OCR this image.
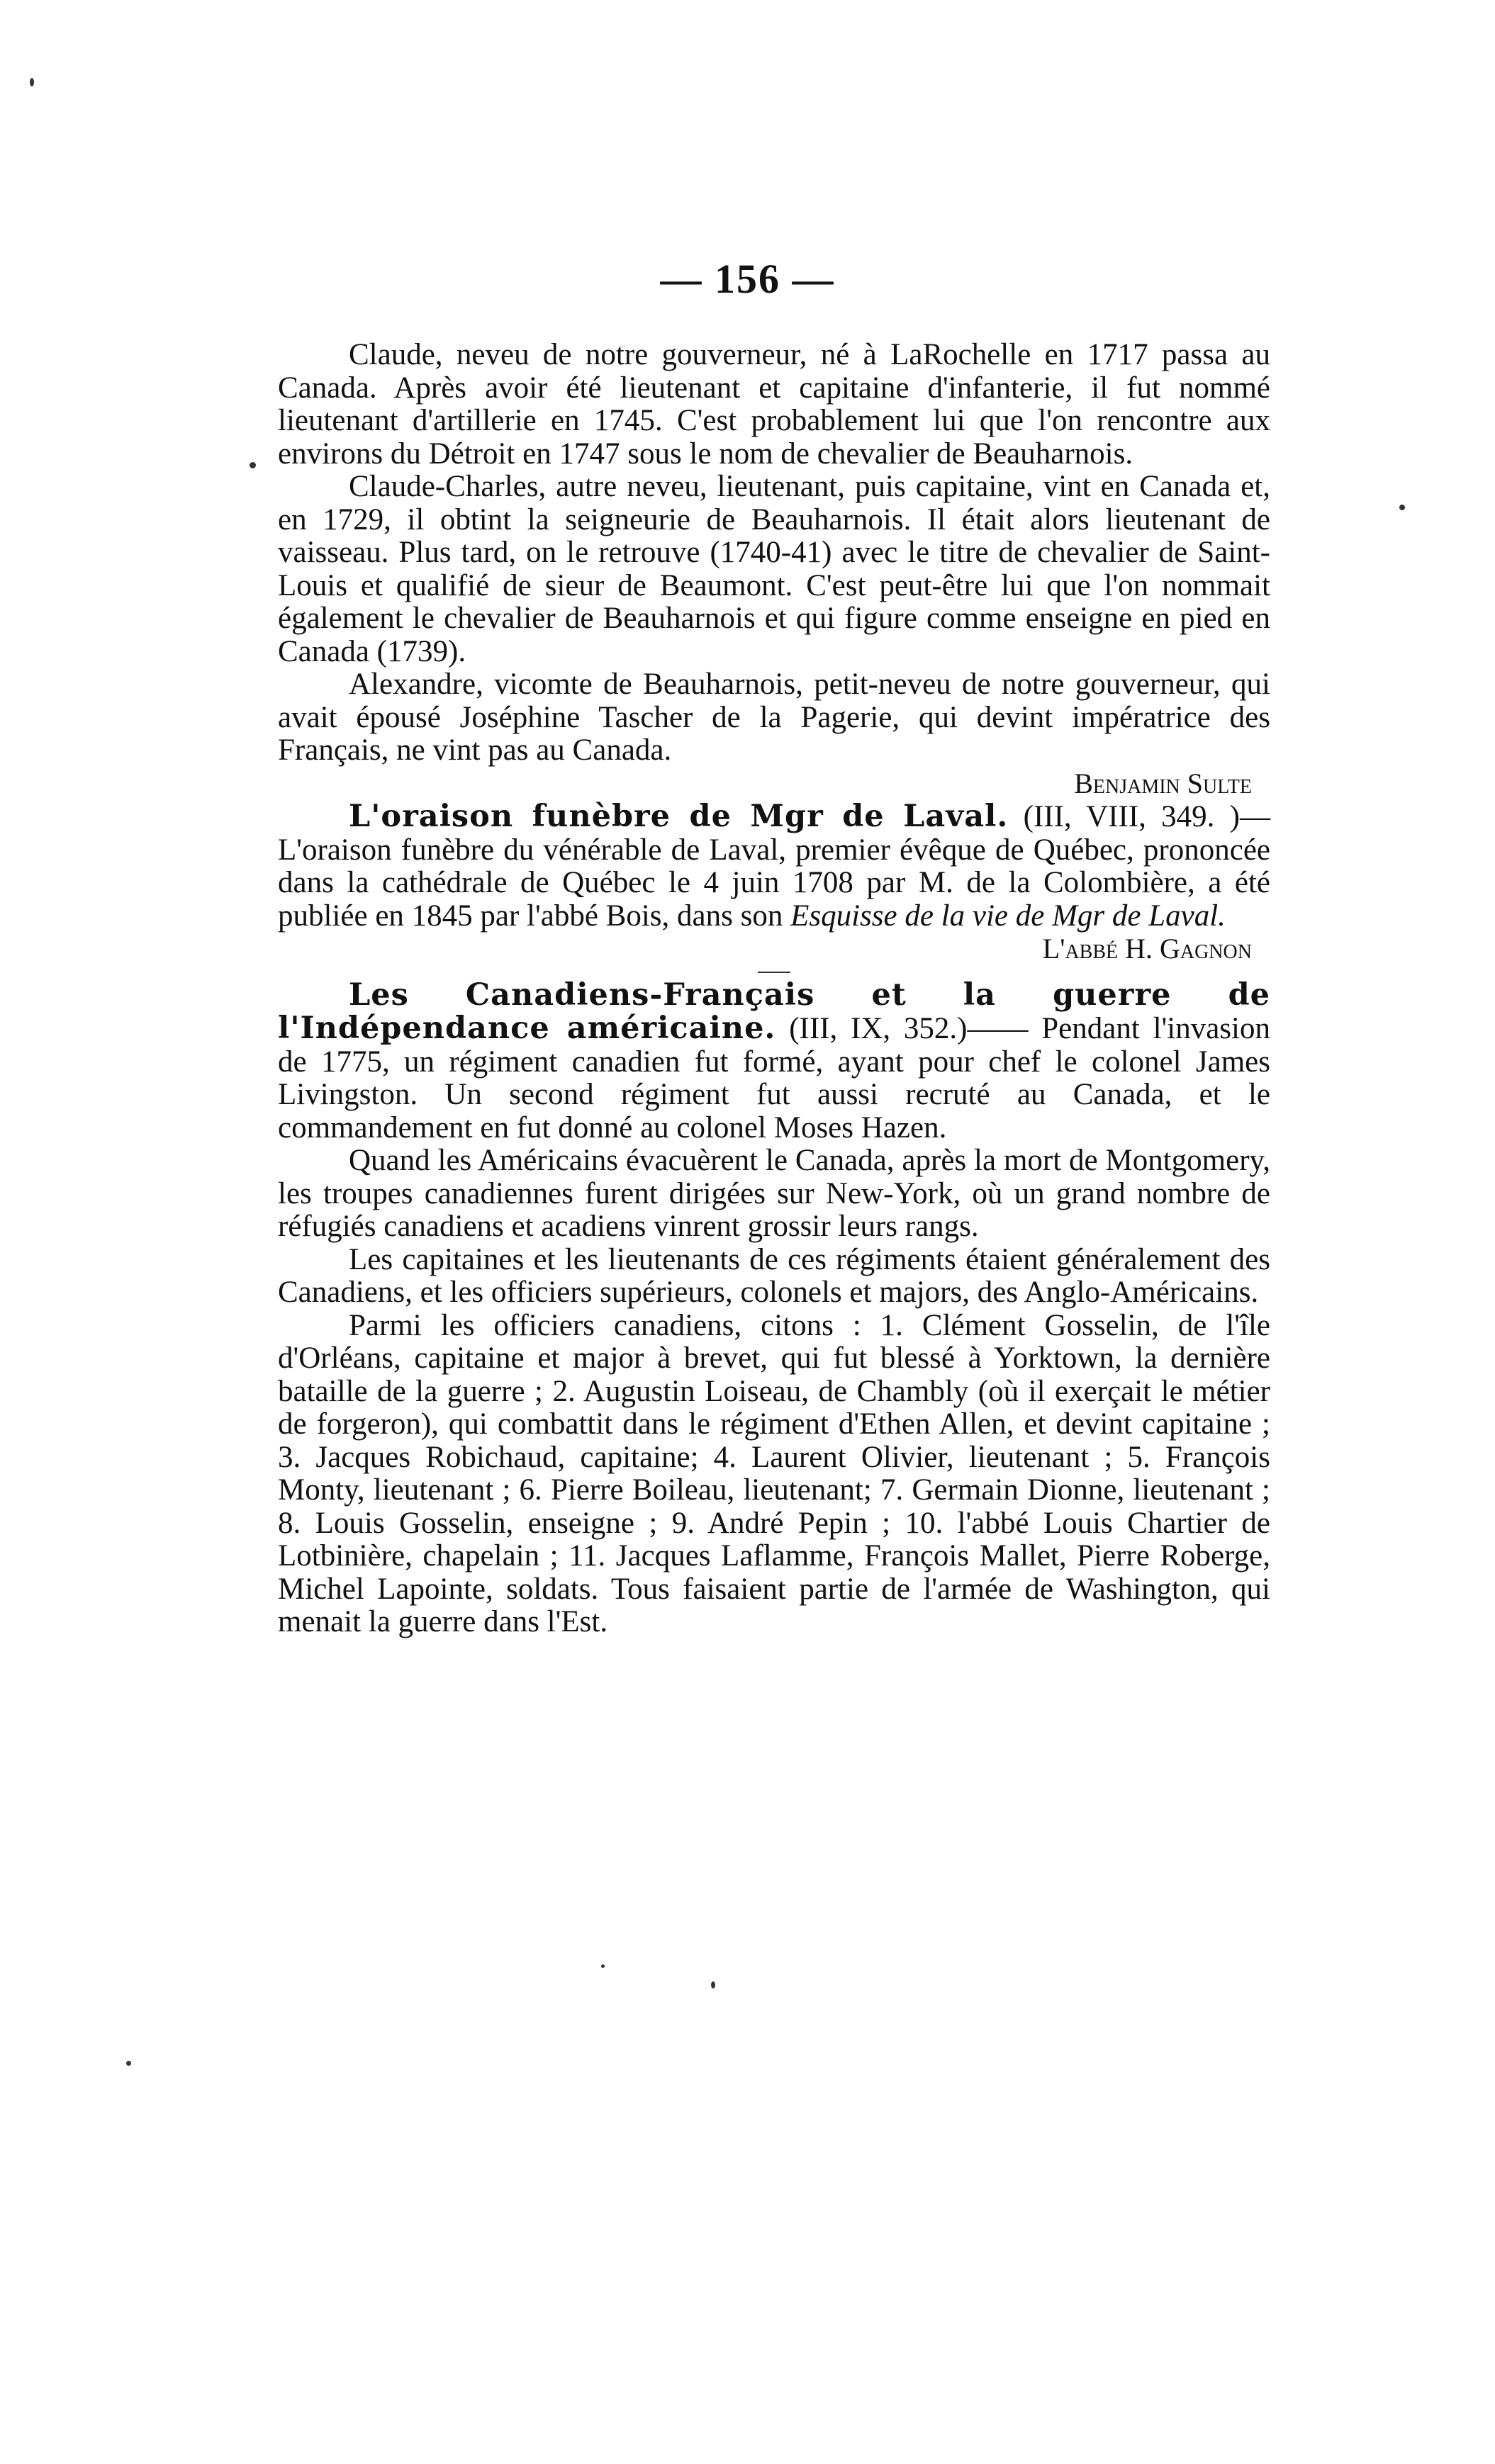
— 156 —

Claude, neveu de notre gouverneur, né à LaRochelle en 1717 passa au Canada. Après avoir été lieutenant et capitaine d'infanterie, il fut nommé lieutenant d'artillerie en 1745. C'est probablement lui que l'on rencontre aux environs du Détroit en 1747 sous le nom de chevalier de Beauharnois.

Claude-Charles, autre neveu, lieutenant, puis capitaine, vint en Canada et, en 1729, il obtint la seigneurie de Beauharnois. Il était alors lieutenant de vaisseau. Plus tard, on le retrouve (1740-41) avec le titre de chevalier de Saint-Louis et qualifié de sieur de Beaumont. C'est peut-être lui que l'on nommait également le chevalier de Beauharnois et qui figure comme enseigne en pied en Canada (1739).

Alexandre, vicomte de Beauharnois, petit-neveu de notre gouverneur, qui avait épousé Joséphine Tascher de la Pagerie, qui devint impératrice des Français, ne vint pas au Canada.

Benjamin Sulte

L'oraison funèbre de Mgr de Laval. (III, VIII, 349. )— L'oraison funèbre du vénérable de Laval, premier évêque de Québec, prononcée dans la cathédrale de Québec le 4 juin 1708 par M. de la Colombière, a été publiée en 1845 par l'abbé Bois, dans son Esquisse de la vie de Mgr de Laval.

L'abbé H. Gagnon

Les Canadiens-Français et la guerre de l'Indépendance américaine. (III, IX, 352.)—— Pendant l'invasion de 1775, un régiment canadien fut formé, ayant pour chef le colonel James Livingston. Un second régiment fut aussi recruté au Canada, et le commandement en fut donné au colonel Moses Hazen.

Quand les Américains évacuèrent le Canada, après la mort de Montgomery, les troupes canadiennes furent dirigées sur New-York, où un grand nombre de réfugiés canadiens et acadiens vinrent grossir leurs rangs.

Les capitaines et les lieutenants de ces régiments étaient généralement des Canadiens, et les officiers supérieurs, colonels et majors, des Anglo-Américains.

Parmi les officiers canadiens, citons : 1. Clément Gosselin, de l'île d'Orléans, capitaine et major à brevet, qui fut blessé à Yorktown, la dernière bataille de la guerre ; 2. Augustin Loiseau, de Chambly (où il exerçait le métier de forgeron), qui combattit dans le régiment d'Ethen Allen, et devint capitaine ; 3. Jacques Robichaud, capitaine; 4. Laurent Olivier, lieutenant ; 5. François Monty, lieutenant ; 6. Pierre Boileau, lieutenant; 7. Germain Dionne, lieutenant ; 8. Louis Gosselin, enseigne ; 9. André Pepin ; 10. l'abbé Louis Chartier de Lotbinière, chapelain ; 11. Jacques Laflamme, François Mallet, Pierre Roberge, Michel Lapointe, soldats. Tous faisaient partie de l'armée de Washington, qui menait la guerre dans l'Est.
